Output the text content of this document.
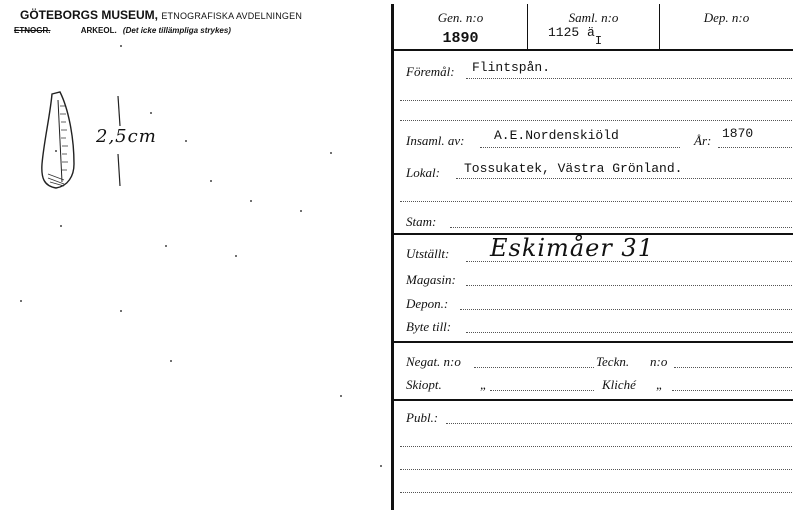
GÖTEBORGS MUSEUM, ETNOGRAFISKA AVDELNINGEN
ETNOGR.	ARKEOL. (Det icke tillämpliga strykes)
2,5cm
Gen. n:o
1890
Saml. n:o
1125 äI
Dep. n:o
Föremål: Flintspån.
Insaml. av: A.E.Nordenskiöld	År: 1870
Lokal: Tossukatek, Västra Grönland.
Stam:
Utställt: Eskimåer 31
Magasin:
Depon.:
Byte till:
Negat. n:o	Teckn. n:o
Skiopt.	„	Kliché „
Publ.:
